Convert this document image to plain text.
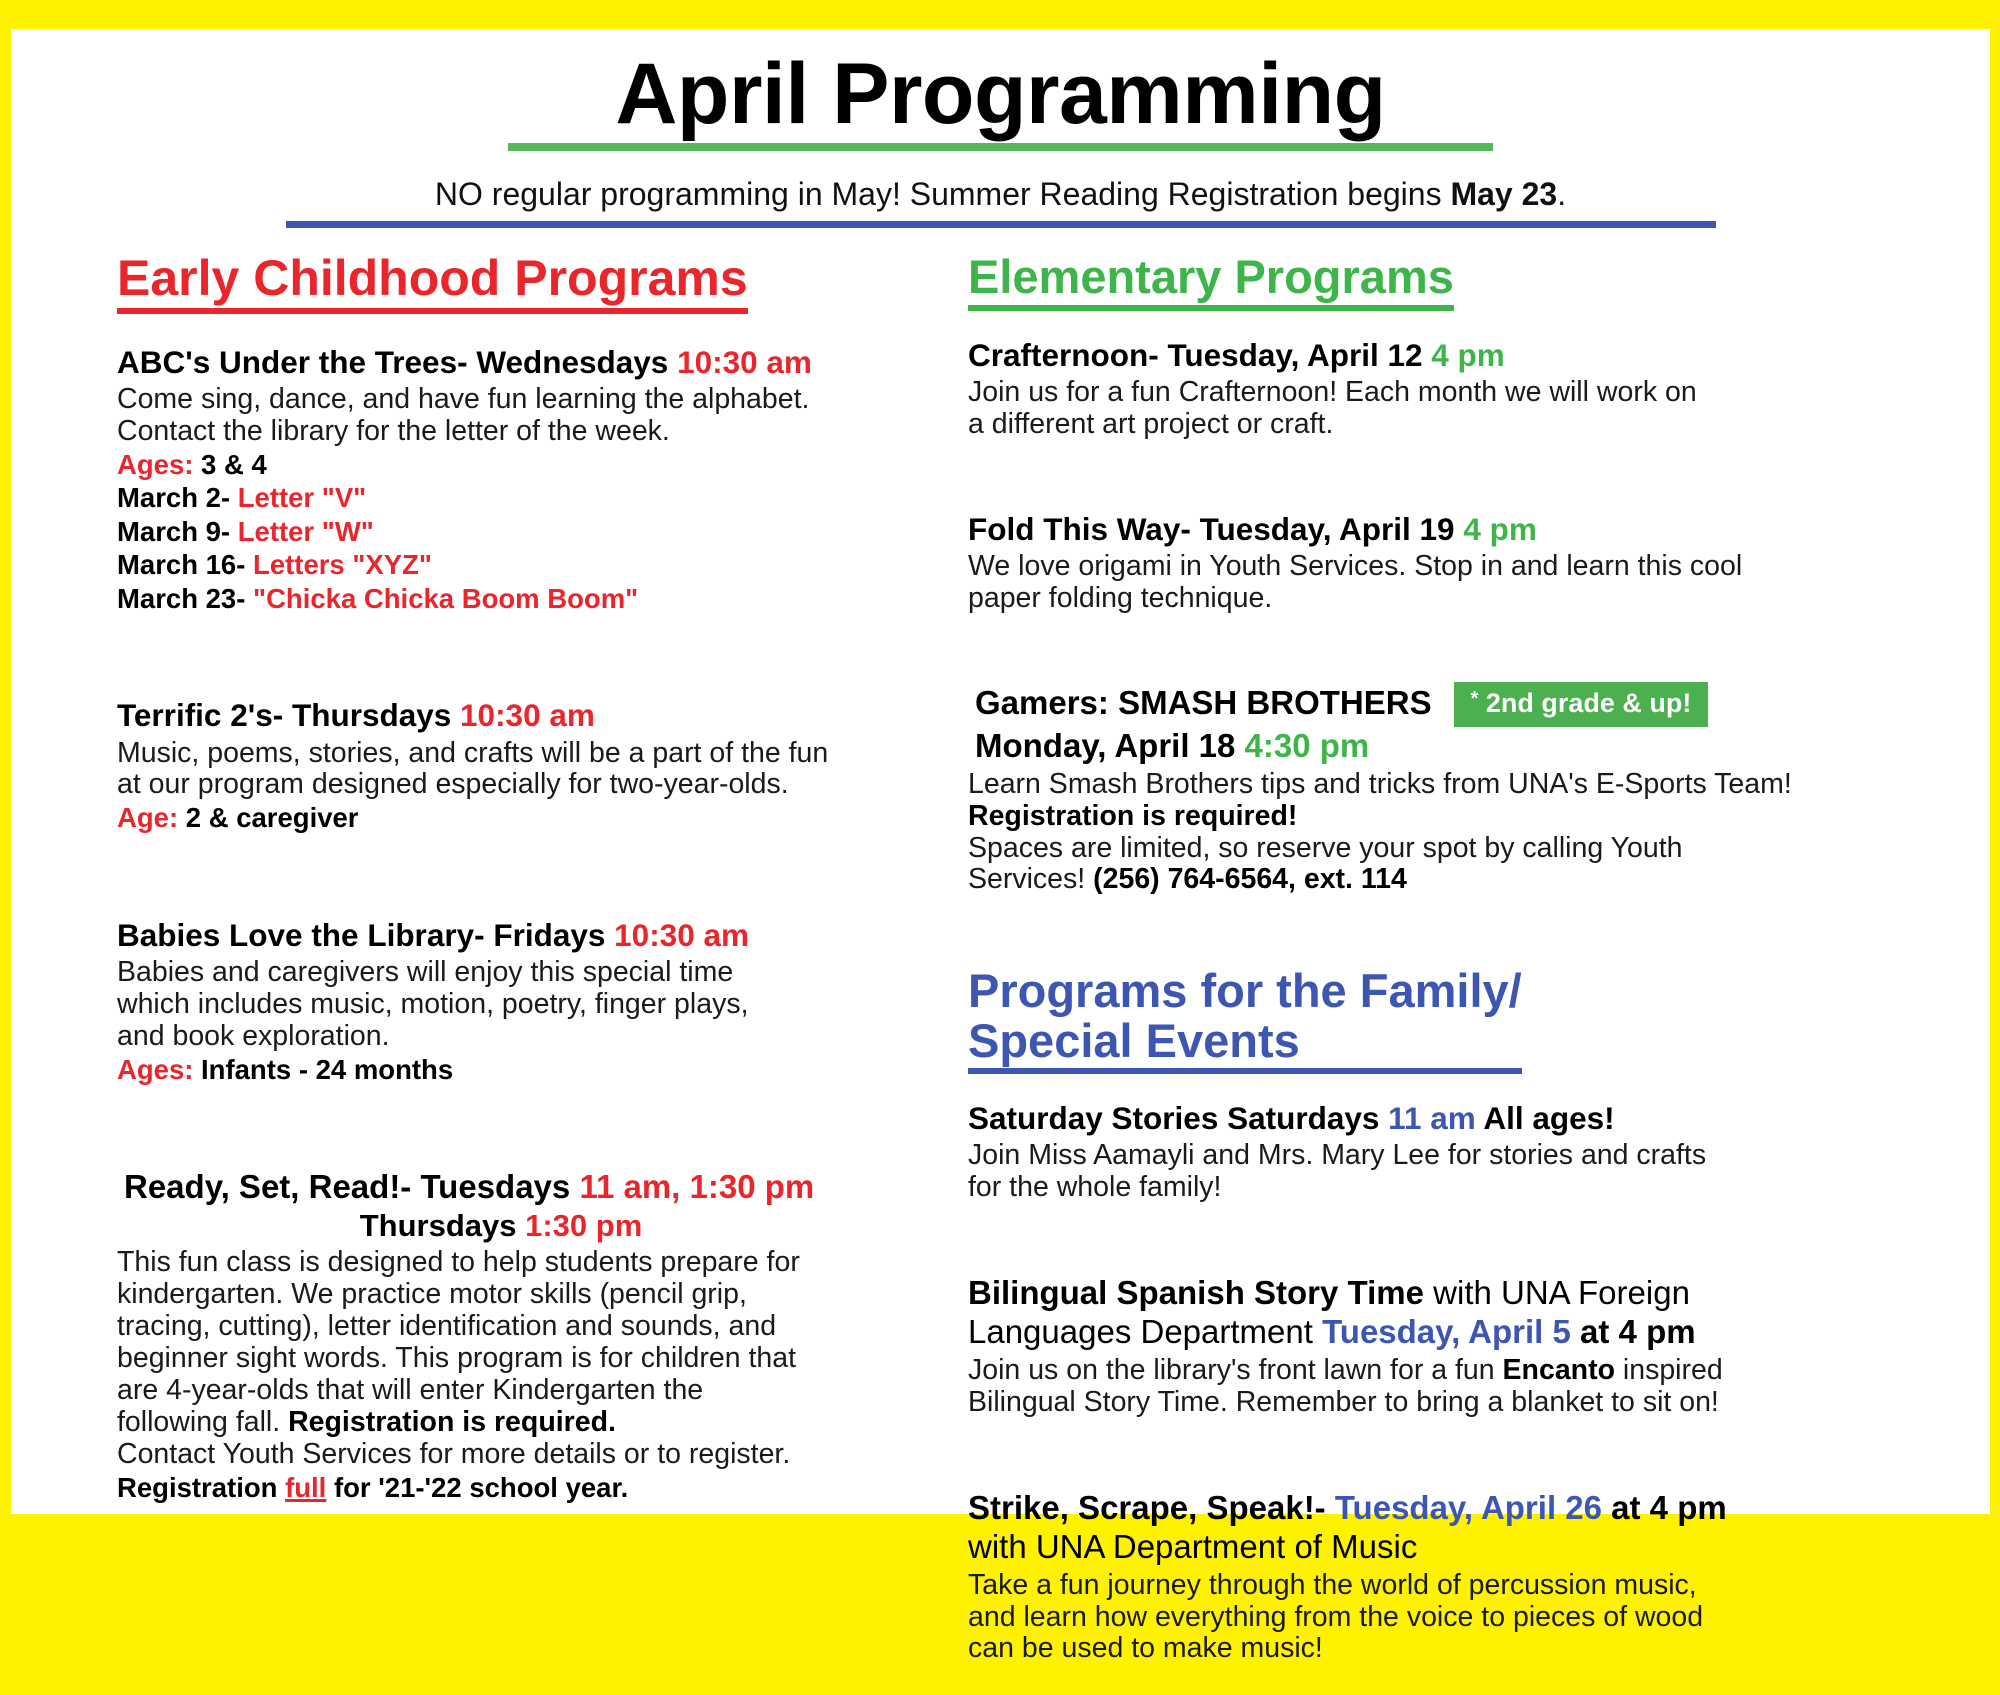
April Programming
NO regular programming in May! Summer Reading Registration begins May 23.
Early Childhood Programs
ABC's Under the Trees- Wednesdays 10:30 am
Come sing, dance, and have fun learning the alphabet.
Contact the library for the letter of the week.
Ages: 3 & 4
March 2- Letter "V"
March 9- Letter "W"
March 16- Letters "XYZ"
March 23- "Chicka Chicka Boom Boom"
Terrific 2's- Thursdays 10:30 am
Music, poems, stories, and crafts will be a part of the fun
at our program designed especially for two-year-olds.
Age: 2 & caregiver
Babies Love the Library- Fridays 10:30 am
Babies and caregivers will enjoy this special time
which includes music, motion, poetry, finger plays,
and book exploration.
Ages: Infants - 24 months
Ready, Set, Read!- Tuesdays 11 am, 1:30 pm
Thursdays 1:30 pm
This fun class is designed to help students prepare for
kindergarten. We practice motor skills (pencil grip,
tracing, cutting), letter identification and sounds, and
beginner sight words. This program is for children that
are 4-year-olds that will enter Kindergarten the
following fall. Registration is required.
Contact Youth Services for more details or to register.
Registration full for '21-'22 school year.
Elementary Programs
Crafternoon- Tuesday, April 12 4 pm
Join us for a fun Crafternoon! Each month we will work on
a different art project or craft.
Fold This Way- Tuesday, April 19 4 pm
We love origami in Youth Services. Stop in and learn this cool
paper folding technique.
Gamers: SMASH BROTHERS	* 2nd grade & up!
Monday, April 18 4:30 pm
Learn Smash Brothers tips and tricks from UNA's E-Sports Team!
Registration is required!
Spaces are limited, so reserve your spot by calling Youth
Services! (256) 764-6564, ext. 114
Programs for the Family/
Special Events
Saturday Stories Saturdays 11 am All ages!
Join Miss Aamayli and Mrs. Mary Lee for stories and crafts
for the whole family!
Bilingual Spanish Story Time with UNA Foreign
Languages Department Tuesday, April 5 at 4 pm
Join us on the library's front lawn for a fun Encanto inspired
Bilingual Story Time. Remember to bring a blanket to sit on!
Strike, Scrape, Speak!- Tuesday, April 26 at 4 pm
with UNA Department of Music
Take a fun journey through the world of percussion music,
and learn how everything from the voice to pieces of wood
can be used to make music!
